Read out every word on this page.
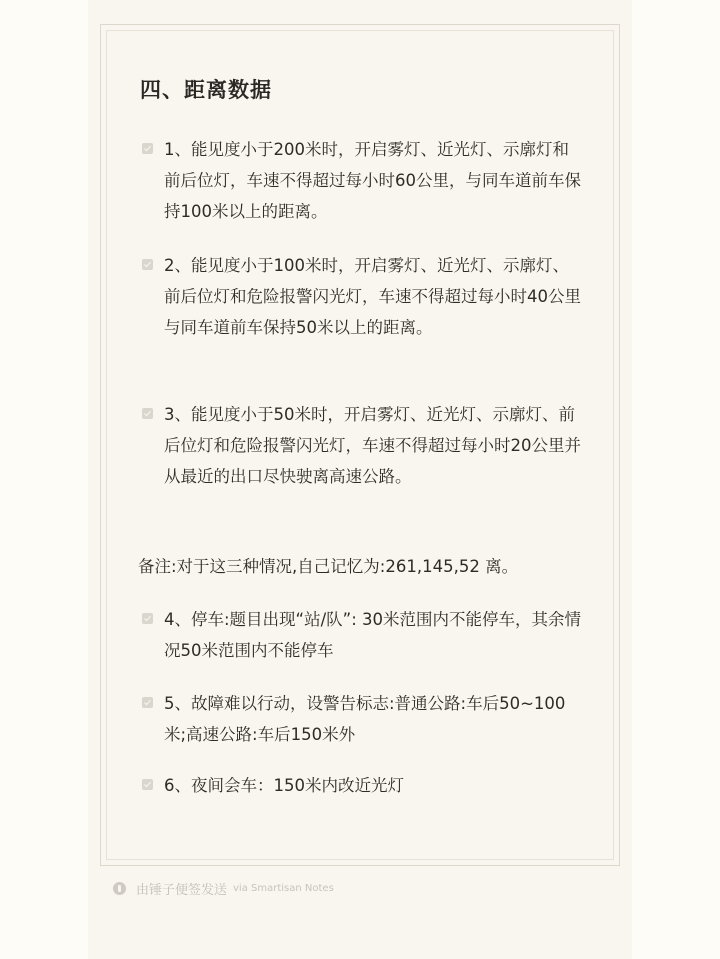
四、距离数据
1、能见度小于200米时，开启雾灯、近光灯、示廓灯和前后位灯，车速不得超过每小时60公里，与同车道前车保持100米以上的距离。
2、能见度小于100米时，开启雾灯、近光灯、示廓灯、前后位灯和危险报警闪光灯，车速不得超过每小时40公里与同车道前车保持50米以上的距离。
3、能见度小于50米时，开启雾灯、近光灯、示廓灯、前后位灯和危险报警闪光灯，车速不得超过每小时20公里并从最近的出口尽快驶离高速公路。
备注:对于这三种情况,自己记忆为:261,145,52 离。
4、停车:题目出现“站/队”: 30米范围内不能停车，其余情况50米范围内不能停车
5、故障难以行动，设警告标志:普通公路:车后50~100米;高速公路:车后150米外
6、夜间会车：150米内改近光灯
由锤子便签发送 via Smartisan Notes
